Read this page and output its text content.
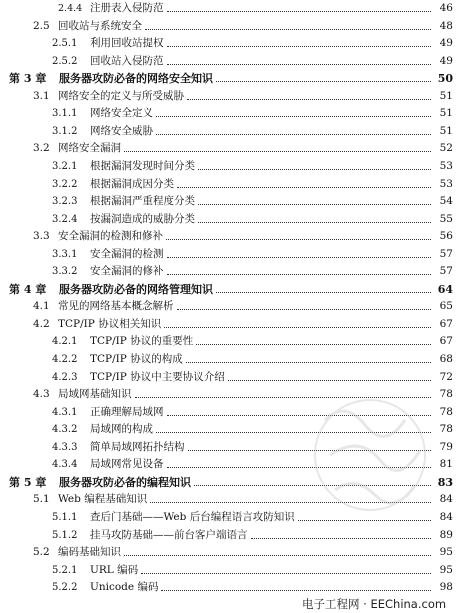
2.4.4 注册表入侵防范	46
2.5 回收站与系统安全	48
2.5.1 利用回收站提权	49
2.5.2 回收站入侵防范	49
第 3 章 服务器攻防必备的网络安全知识	50
3.1 网络安全的定义与所受威胁	51
3.1.1 网络安全定义	51
3.1.2 网络安全威胁	51
3.2 网络安全漏洞	52
3.2.1 根据漏洞发现时间分类	53
3.2.2 根据漏洞成因分类	53
3.2.3 根据漏洞严重程度分类	54
3.2.4 按漏洞造成的威胁分类	55
3.3 安全漏洞的检测和修补	56
3.3.1 安全漏洞的检测	57
3.3.2 安全漏洞的修补	57
第 4 章 服务器攻防必备的网络管理知识	64
4.1 常见的网络基本概念解析	65
4.2 TCP/IP 协议相关知识	67
4.2.1 TCP/IP 协议的重要性	67
4.2.2 TCP/IP 协议的构成	68
4.2.3 TCP/IP 协议中主要协议介绍	72
4.3 局域网基础知识	78
4.3.1 正确理解局域网	78
4.3.2 局域网的构成	78
4.3.3 简单局域网拓扑结构	79
4.3.4 局域网常见设备	81
第 5 章 服务器攻防必备的编程知识	83
5.1 Web 编程基础知识	84
5.1.1 查后门基础——Web 后台编程语言攻防知识	84
5.1.2 挂马攻防基础——前台客户端语言	89
5.2 编码基础知识	95
5.2.1 URL 编码	95
5.2.2 Unicode 编码	98
电子工程网 · EEChina.com
